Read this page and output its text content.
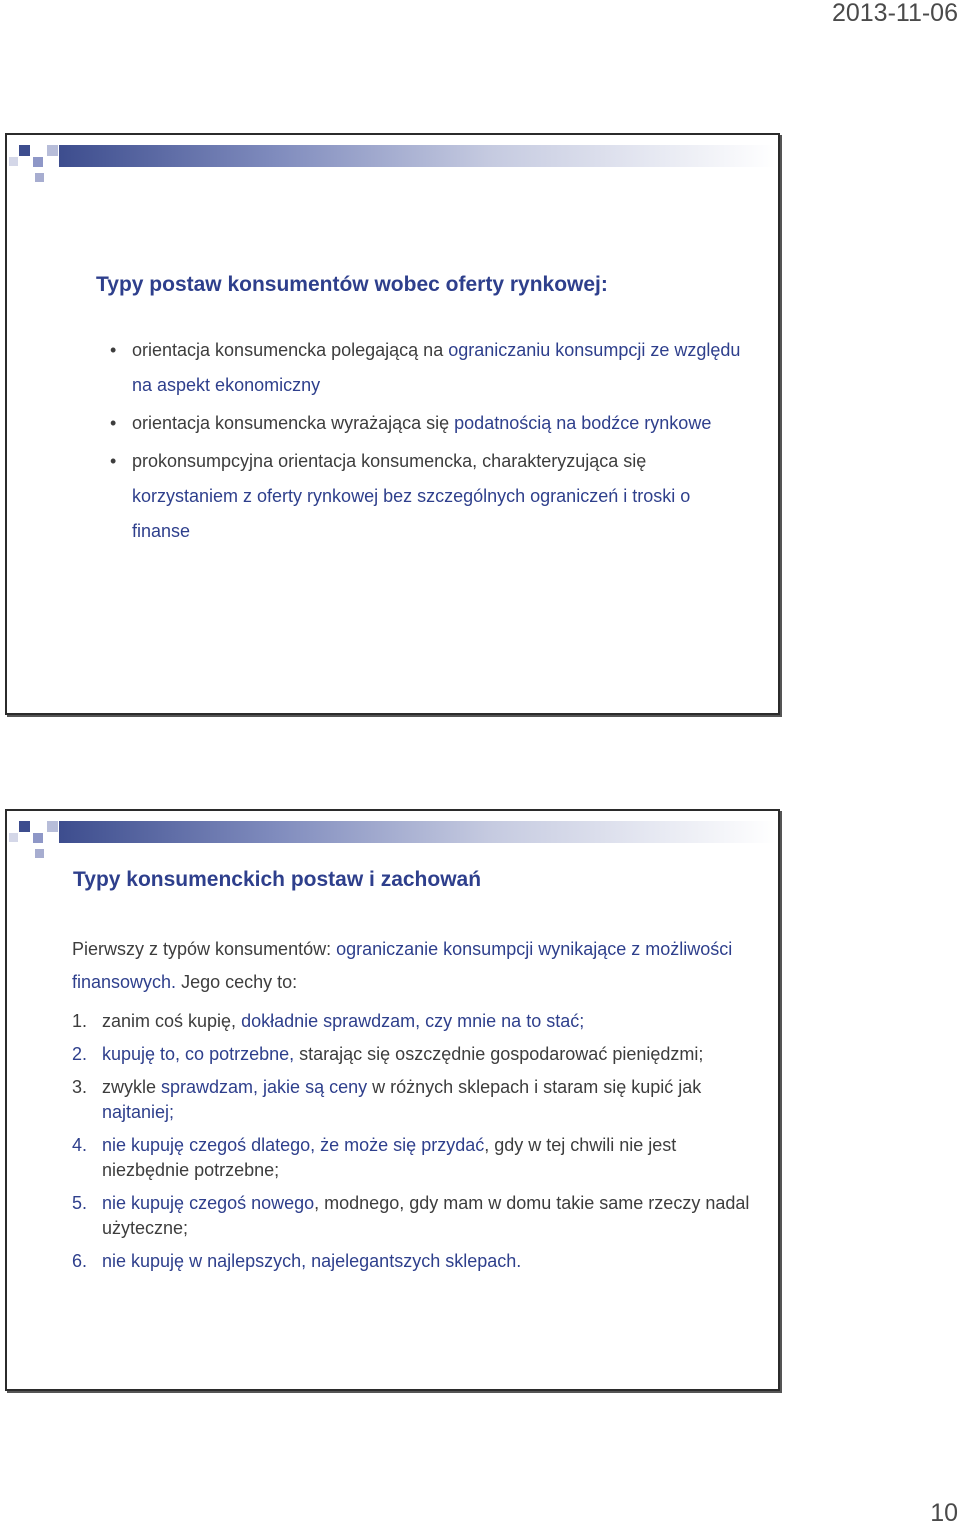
2013-11-06
Typy postaw konsumentów wobec oferty rynkowej:
• orientacja konsumencka polegającą na ograniczaniu konsumpcji ze względu na aspekt ekonomiczny
• orientacja konsumencka wyrażająca się podatnością na bodźce rynkowe
• prokonsumpcyjna orientacja konsumencka, charakteryzująca się korzystaniem z oferty rynkowej bez szczególnych ograniczeń i troski o finanse
Typy konsumenckich postaw i zachowań

Pierwszy z typów konsumentów: ograniczanie konsumpcji wynikające z możliwości finansowych. Jego cechy to:

1. zanim coś kupię, dokładnie sprawdzam, czy mnie na to stać;
2. kupuję to, co potrzebne, starając się oszczędnie gospodarować pieniędzmi;
3. zwykle sprawdzam, jakie są ceny w różnych sklepach i staram się kupić jak najtaniej;
4. nie kupuję czegoś dlatego, że może się przydać, gdy w tej chwili nie jest niezbędnie potrzebne;
5. nie kupuję czegoś nowego, modnego, gdy mam w domu takie same rzeczy nadal użyteczne;
6. nie kupuję w najlepszych, najelegantszych sklepach.
10
